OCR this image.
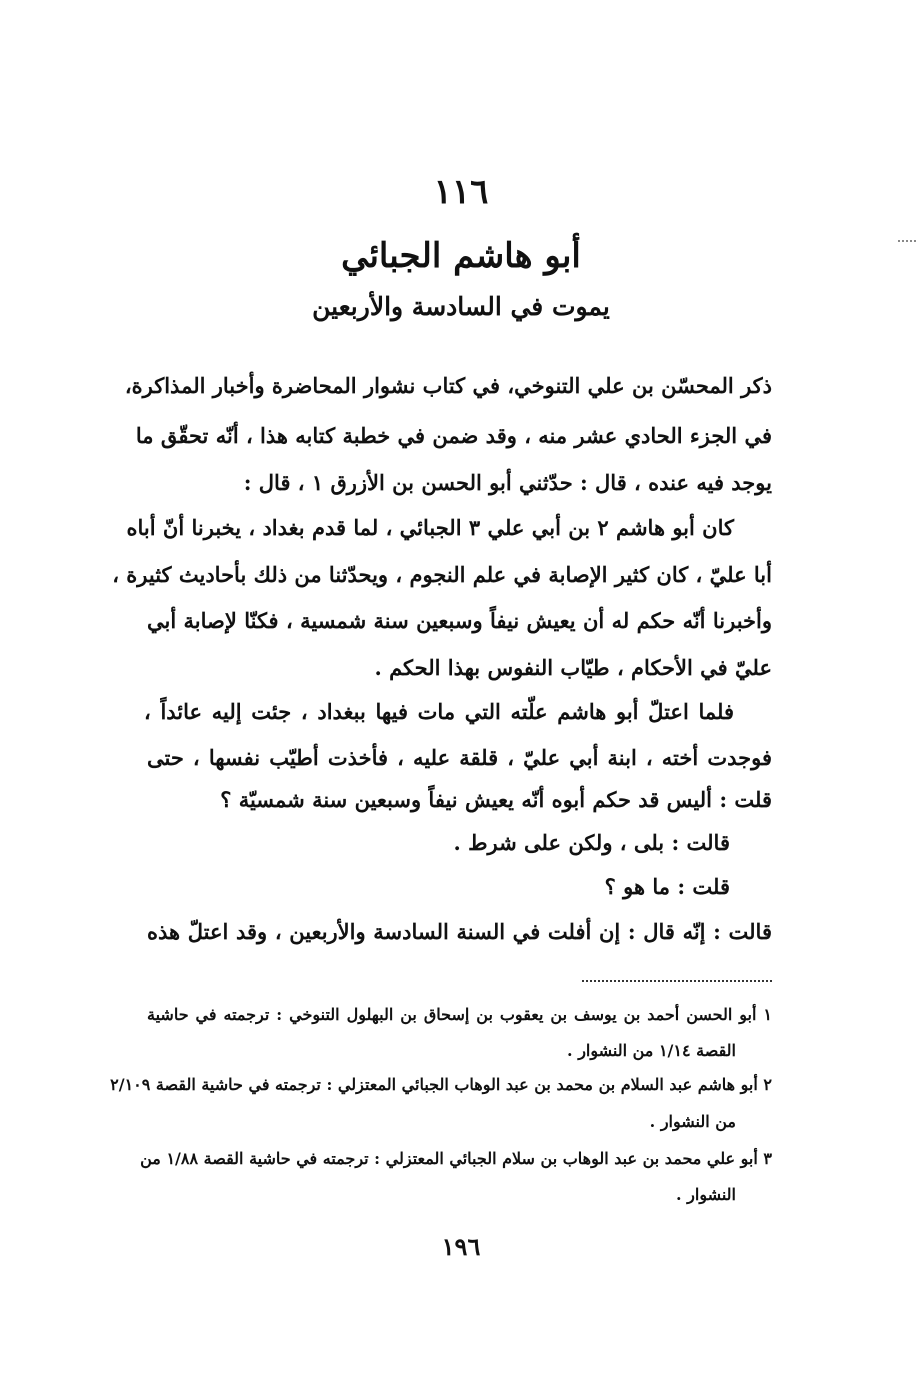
١١٦
أبو هاشم الجبائي
يموت في السادسة والأربعين
ذكر المحسّن بن علي التنوخي، في كتاب نشوار المحاضرة وأخبار المذاكرة،
في الجزء الحادي عشر منه ، وقد ضمن في خطبة كتابه هذا ، أنّه تحقّق ما
يوجد فيه عنده ، قال : حدّثني أبو الحسن بن الأزرق ١ ، قال :
كان أبو هاشم ٢ بن أبي علي ٣ الجبائي ، لما قدم بغداد ، يخبرنا أنّ أباه
أبا عليّ ، كان كثير الإصابة في علم النجوم ، ويحدّثنا من ذلك بأحاديث كثيرة ،
وأخبرنا أنّه حكم له أن يعيش نيفاً وسبعين سنة شمسية ، فكنّا لإصابة أبي
عليّ في الأحكام ، طيّاب النفوس بهذا الحكم .
فلما اعتلّ أبو هاشم علّته التي مات فيها ببغداد ، جئت إليه عائداً ،
فوجدت أخته ، ابنة أبي عليّ ، قلقة عليه ، فأخذت أطيّب نفسها ، حتى
قلت : أليس قد حكم أبوه أنّه يعيش نيفاً وسبعين سنة شمسيّة ؟
قالت : بلى ، ولكن على شرط .
قلت : ما هو ؟
قالت : إنّه قال : إن أفلت في السنة السادسة والأربعين ، وقد اعتلّ هذه
١ أبو الحسن أحمد بن يوسف بن يعقوب بن إسحاق بن البهلول التنوخي : ترجمته في حاشية
القصة ١/١٤ من النشوار .
٢ أبو هاشم عبد السلام بن محمد بن عبد الوهاب الجبائي المعتزلي : ترجمته في حاشية القصة ٢/١٠٩
من النشوار .
٣ أبو علي محمد بن عبد الوهاب بن سلام الجبائي المعتزلي : ترجمته في حاشية القصة ١/٨٨ من
النشوار .
١٩٦
